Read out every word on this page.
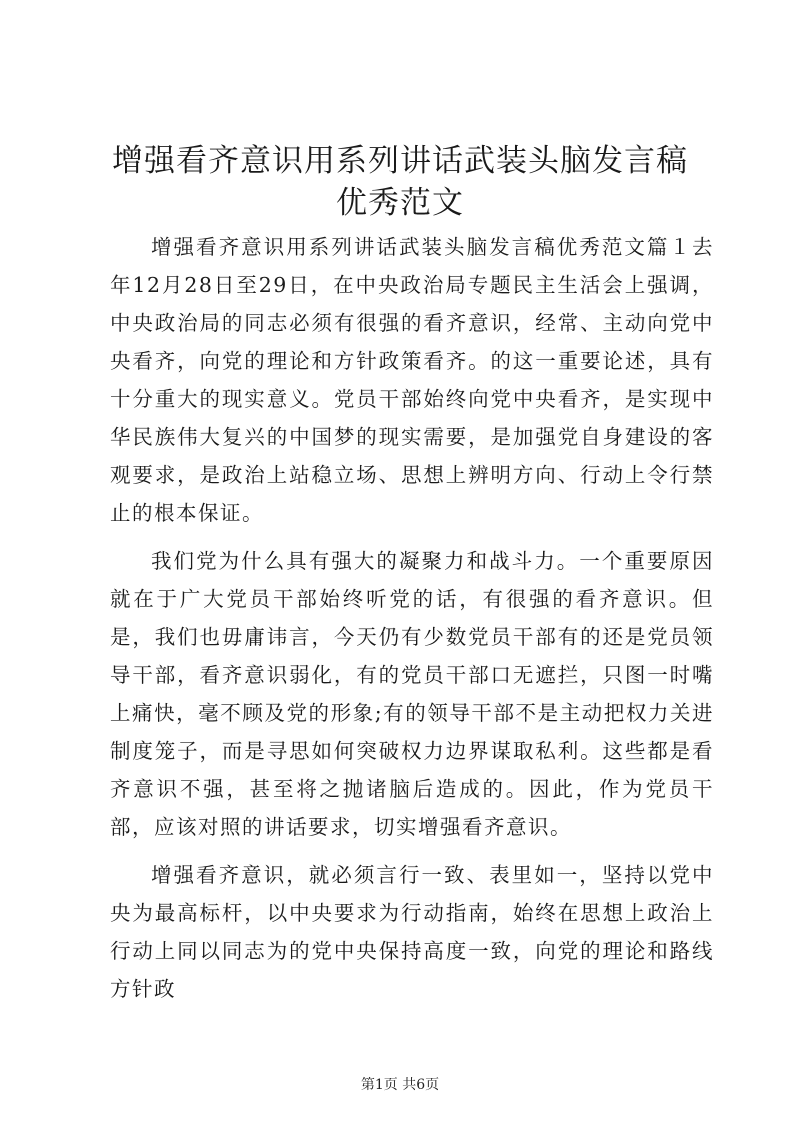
增强看齐意识用系列讲话武装头脑发言稿优秀范文

增强看齐意识用系列讲话武装头脑发言稿优秀范文篇１去年12月28日至29日，在中央政治局专题民主生活会上强调，中央政治局的同志必须有很强的看齐意识，经常、主动向党中央看齐，向党的理论和方针政策看齐。的这一重要论述，具有十分重大的现实意义。党员干部始终向党中央看齐，是实现中华民族伟大复兴的中国梦的现实需要，是加强党自身建设的客观要求，是政治上站稳立场、思想上辨明方向、行动上令行禁止的根本保证。

我们党为什么具有强大的凝聚力和战斗力。一个重要原因就在于广大党员干部始终听党的话，有很强的看齐意识。但是，我们也毋庸讳言，今天仍有少数党员干部有的还是党员领导干部，看齐意识弱化，有的党员干部口无遮拦，只图一时嘴上痛快，毫不顾及党的形象;有的领导干部不是主动把权力关进制度笼子，而是寻思如何突破权力边界谋取私利。这些都是看齐意识不强，甚至将之抛诸脑后造成的。因此，作为党员干部，应该对照的讲话要求，切实增强看齐意识。

增强看齐意识，就必须言行一致、表里如一，坚持以党中央为最高标杆，以中央要求为行动指南，始终在思想上政治上行动上同以同志为的党中央保持高度一致，向党的理论和路线方针政

第1页 共6页
